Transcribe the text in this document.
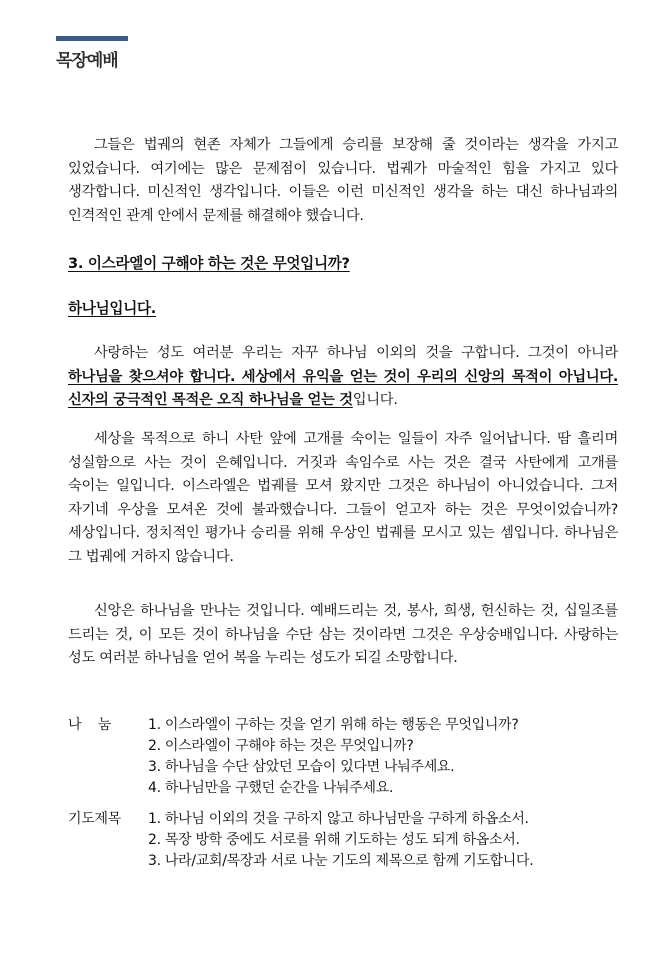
목장예배
그들은 법궤의 현존 자체가 그들에게 승리를 보장해 줄 것이라는 생각을 가지고 있었습니다. 여기에는 많은 문제점이 있습니다. 법궤가 마술적인 힘을 가지고 있다 생각합니다. 미신적인 생각입니다. 이들은 이런 미신적인 생각을 하는 대신 하나님과의 인격적인 관계 안에서 문제를 해결해야 했습니다.
3. 이스라엘이 구해야 하는 것은 무엇입니까?
하나님입니다.
사랑하는 성도 여러분 우리는 자꾸 하나님 이외의 것을 구합니다. 그것이 아니라 하나님을 찾으셔야 합니다. 세상에서 유익을 얻는 것이 우리의 신앙의 목적이 아닙니다. 신자의 궁극적인 목적은 오직 하나님을 얻는 것입니다.
세상을 목적으로 하니 사탄 앞에 고개를 숙이는 일들이 자주 일어납니다. 땀 흘리며 성실함으로 사는 것이 은혜입니다. 거짓과 속임수로 사는 것은 결국 사탄에게 고개를 숙이는 일입니다. 이스라엘은 법궤를 모셔 왔지만 그것은 하나님이 아니었습니다. 그저 자기네 우상을 모셔온 것에 불과했습니다. 그들이 얻고자 하는 것은 무엇이었습니까? 세상입니다. 정치적인 평가나 승리를 위해 우상인 법궤를 모시고 있는 셈입니다. 하나님은 그 법궤에 거하지 않습니다.
신앙은 하나님을 만나는 것입니다. 예배드리는 것, 봉사, 희생, 헌신하는 것, 십일조를 드리는 것, 이 모든 것이 하나님을 수단 삼는 것이라면 그것은 우상숭배입니다. 사랑하는 성도 여러분 하나님을 얻어 복을 누리는 성도가 되길 소망합니다.
나    눔	1. 이스라엘이 구하는 것을 얻기 위해 하는 행동은 무엇입니까?
2. 이스라엘이 구해야 하는 것은 무엇입니까?
3. 하나님을 수단 삼았던 모습이 있다면 나눠주세요.
4. 하나님만을 구했던 순간을 나눠주세요.
기도제목	1. 하나님 이외의 것을 구하지 않고 하나님만을 구하게 하옵소서.
2. 목장 방학 중에도 서로를 위해 기도하는 성도 되게 하옵소서.
3. 나라/교회/목장과 서로 나눈 기도의 제목으로 함께 기도합니다.
